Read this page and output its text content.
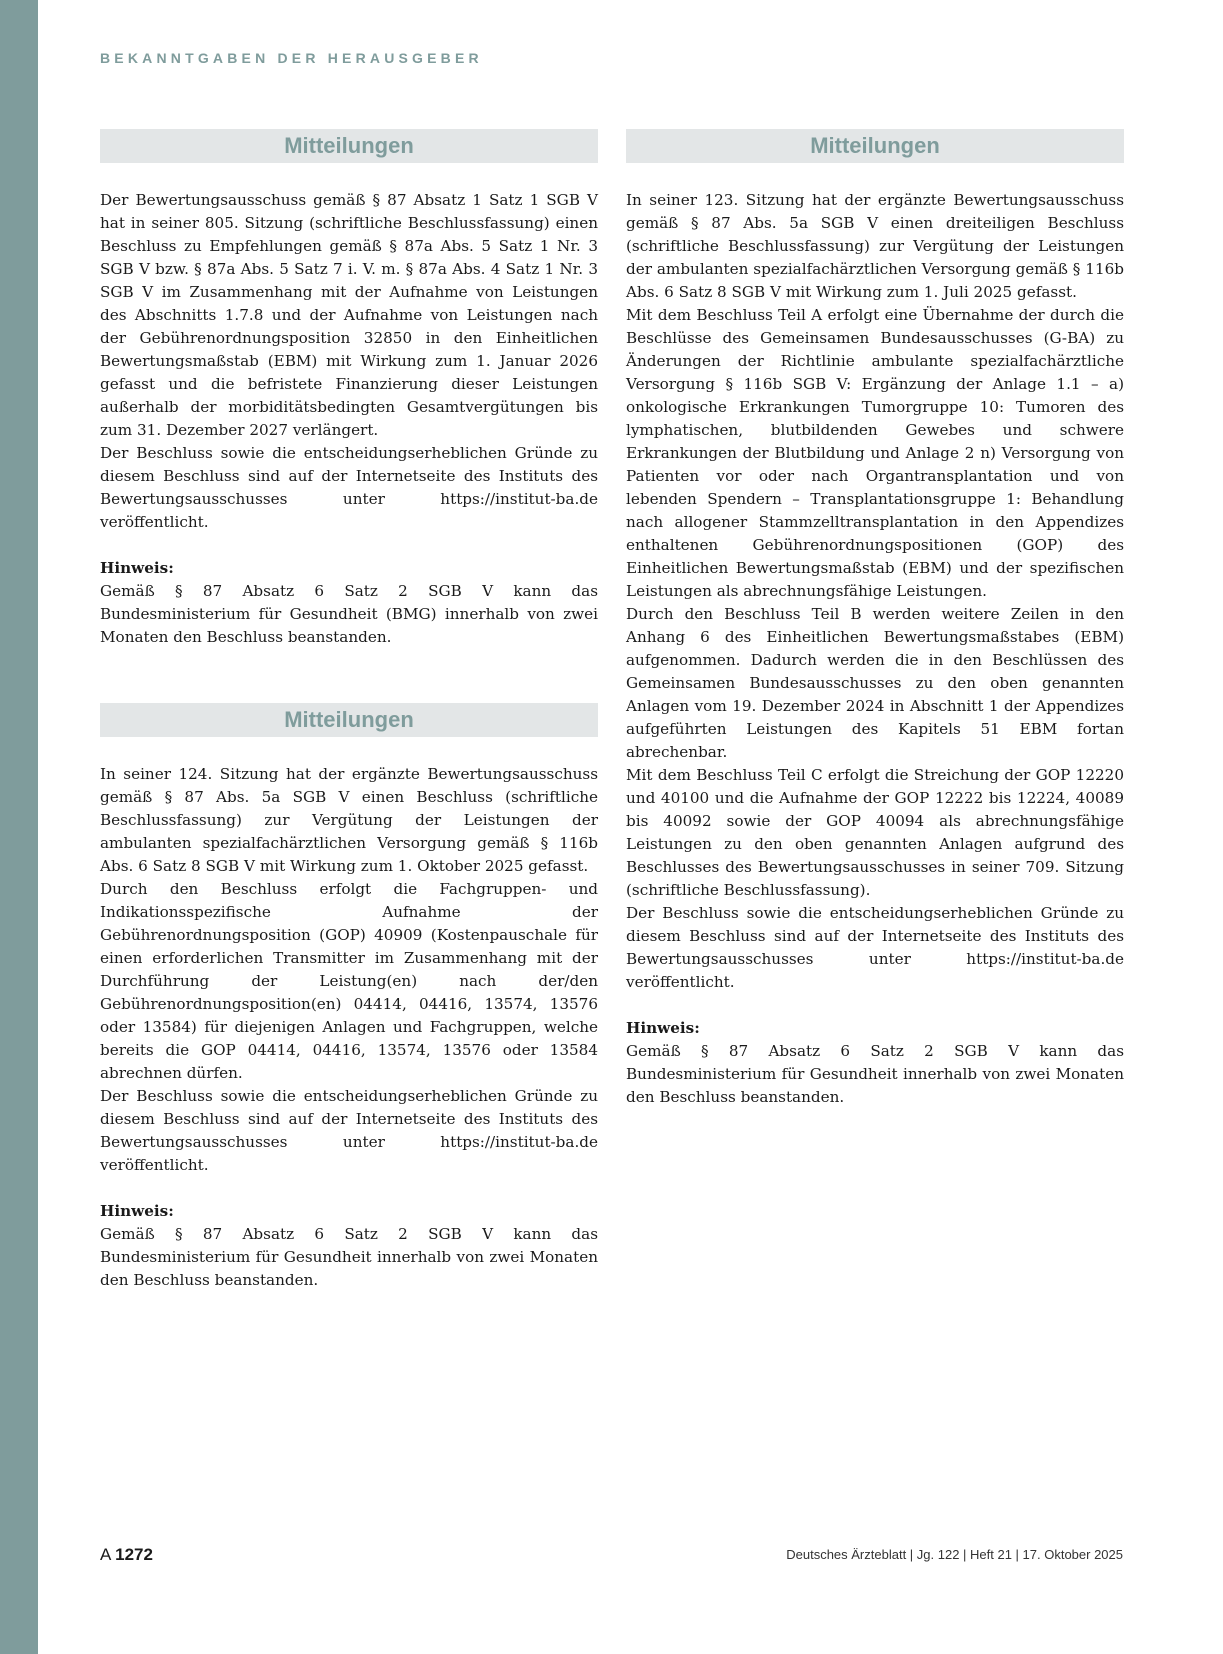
BEKANNTGABEN DER HERAUSGEBER
Mitteilungen

Der Bewertungsausschuss gemäß § 87 Absatz 1 Satz 1 SGB V hat in seiner 805. Sitzung (schriftliche Beschlussfassung) einen Beschluss zu Empfehlungen gemäß § 87a Abs. 5 Satz 1 Nr. 3 SGB V bzw. § 87a Abs. 5 Satz 7 i. V. m. § 87a Abs. 4 Satz 1 Nr. 3 SGB V im Zusammenhang mit der Aufnahme von Leistungen des Abschnitts 1.7.8 und der Aufnahme von Leistungen nach der Gebührenordnungsposition 32850 in den Einheitlichen Bewertungsmaßstab (EBM) mit Wirkung zum 1. Januar 2026 gefasst und die befristete Finanzierung dieser Leistungen außerhalb der morbiditätsbedingten Gesamtvergütungen bis zum 31. Dezember 2027 verlängert.

Der Beschluss sowie die entscheidungserheblichen Gründe zu diesem Beschluss sind auf der Internetseite des Instituts des Bewertungsausschusses unter https://institut-ba.de veröffentlicht.

Hinweis:

Gemäß § 87 Absatz 6 Satz 2 SGB V kann das Bundesministerium für Gesundheit (BMG) innerhalb von zwei Monaten den Beschluss beanstanden.

Mitteilungen

In seiner 124. Sitzung hat der ergänzte Bewertungsausschuss gemäß § 87 Abs. 5a SGB V einen Beschluss (schriftliche Beschlussfassung) zur Vergütung der Leistungen der ambulanten spezialfachärztlichen Versorgung gemäß § 116b Abs. 6 Satz 8 SGB V mit Wirkung zum 1. Oktober 2025 gefasst.

Durch den Beschluss erfolgt die Fachgruppen- und Indikationsspezifische Aufnahme der Gebührenordnungsposition (GOP) 40909 (Kostenpauschale für einen erforderlichen Transmitter im Zusammenhang mit der Durchführung der Leistung(en) nach der/den Gebührenordnungsposition(en) 04414, 04416, 13574, 13576 oder 13584) für diejenigen Anlagen und Fachgruppen, welche bereits die GOP 04414, 04416, 13574, 13576 oder 13584 abrechnen dürfen.

Der Beschluss sowie die entscheidungserheblichen Gründe zu diesem Beschluss sind auf der Internetseite des Instituts des Bewertungsausschusses unter https://institut-ba.de veröffentlicht.

Hinweis:

Gemäß § 87 Absatz 6 Satz 2 SGB V kann das Bundesministerium für Gesundheit innerhalb von zwei Monaten den Beschluss beanstanden.

Mitteilungen

In seiner 123. Sitzung hat der ergänzte Bewertungsausschuss gemäß § 87 Abs. 5a SGB V einen dreiteiligen Beschluss (schriftliche Beschlussfassung) zur Vergütung der Leistungen der ambulanten spezialfachärztlichen Versorgung gemäß § 116b Abs. 6 Satz 8 SGB V mit Wirkung zum 1. Juli 2025 gefasst.

Mit dem Beschluss Teil A erfolgt eine Übernahme der durch die Beschlüsse des Gemeinsamen Bundesausschusses (G-BA) zu Änderungen der Richtlinie ambulante spezialfachärztliche Versorgung § 116b SGB V: Ergänzung der Anlage 1.1 – a) onkologische Erkrankungen Tumorgruppe 10: Tumoren des lymphatischen, blutbildenden Gewebes und schwere Erkrankungen der Blutbildung und Anlage 2 n) Versorgung von Patienten vor oder nach Organtransplantation und von lebenden Spendern – Transplantationsgruppe 1: Behandlung nach allogener Stammzelltransplantation in den Appendizes enthaltenen Gebührenordnungspositionen (GOP) des Einheitlichen Bewertungsmaßstab (EBM) und der spezifischen Leistungen als abrechnungsfähige Leistungen.

Durch den Beschluss Teil B werden weitere Zeilen in den Anhang 6 des Einheitlichen Bewertungsmaßstabes (EBM) aufgenommen. Dadurch werden die in den Beschlüssen des Gemeinsamen Bundesausschusses zu den oben genannten Anlagen vom 19. Dezember 2024 in Abschnitt 1 der Appendizes aufgeführten Leistungen des Kapitels 51 EBM fortan abrechenbar.

Mit dem Beschluss Teil C erfolgt die Streichung der GOP 12220 und 40100 und die Aufnahme der GOP 12222 bis 12224, 40089 bis 40092 sowie der GOP 40094 als abrechnungsfähige Leistungen zu den oben genannten Anlagen aufgrund des Beschlusses des Bewertungsausschusses in seiner 709. Sitzung (schriftliche Beschlussfassung).

Der Beschluss sowie die entscheidungserheblichen Gründe zu diesem Beschluss sind auf der Internetseite des Instituts des Bewertungsausschusses unter https://institut-ba.de veröffentlicht.

Hinweis:

Gemäß § 87 Absatz 6 Satz 2 SGB V kann das Bundesministerium für Gesundheit innerhalb von zwei Monaten den Beschluss beanstanden.

A 1272	Deutsches Ärzteblatt | Jg. 122 | Heft 21 | 17. Oktober 2025
